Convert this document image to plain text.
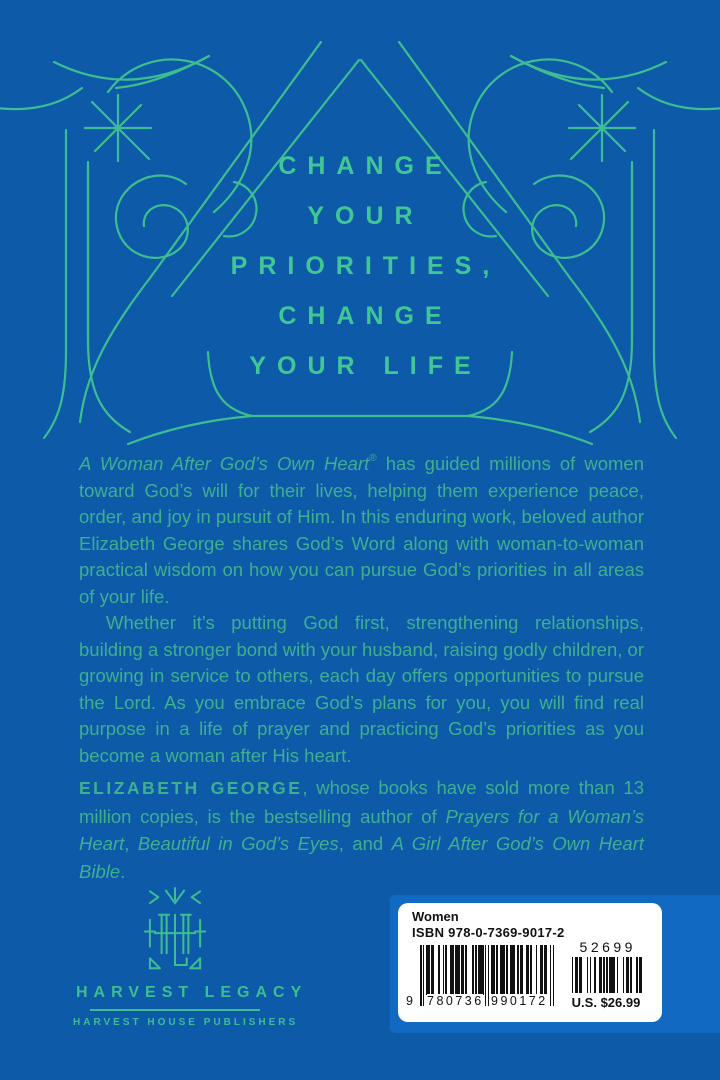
CHANGE
YOUR
PRIORITIES,
CHANGE
YOUR LIFE

A Woman After God’s Own Heart® has guided millions of women toward God’s will for their lives, helping them experience peace, order, and joy in pursuit of Him. In this enduring work, beloved author Elizabeth George shares God’s Word along with woman-to-woman practical wisdom on how you can pursue God’s priorities in all areas of your life.

Whether it’s putting God first, strengthening relationships, building a stronger bond with your husband, raising godly children, or growing in service to others, each day offers opportunities to pursue the Lord. As you embrace God’s plans for you, you will find real purpose in a life of prayer and practicing God’s priorities as you become a woman after His heart.

ELIZABETH GEORGE, whose books have sold more than 13 million copies, is the bestselling author of Prayers for a Woman’s Heart, Beautiful in God’s Eyes, and A Girl After God’s Own Heart Bible.
HARVEST LEGACY
HARVEST HOUSE PUBLISHERS
Women
ISBN 978-0-7369-9017-2
9 780736 990172
52699
U.S. $26.99
